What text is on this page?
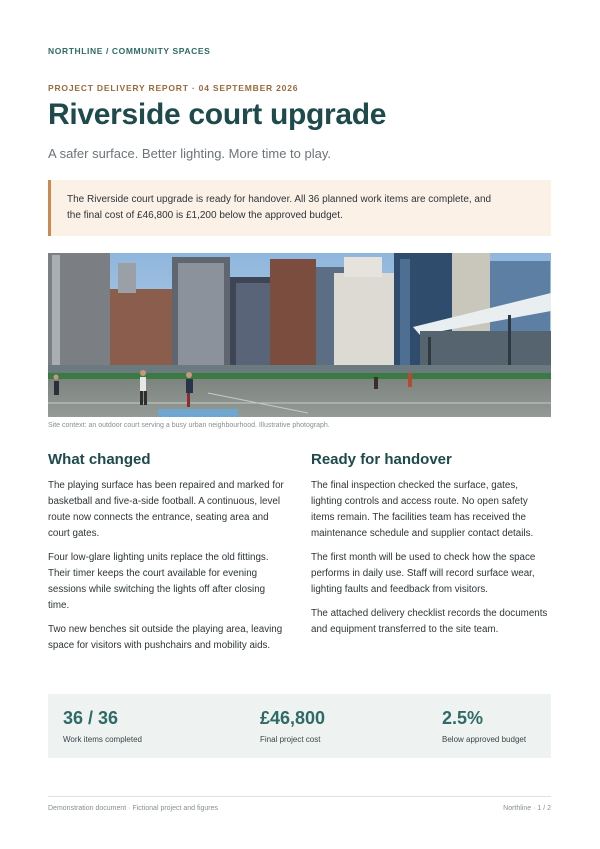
NORTHLINE / COMMUNITY SPACES
PROJECT DELIVERY REPORT · 04 SEPTEMBER 2026
Riverside court upgrade
A safer surface. Better lighting. More time to play.
The Riverside court upgrade is ready for handover. All 36 planned work items are complete, and
the final cost of £46,800 is £1,200 below the approved budget.
Site context: an outdoor court serving a busy urban neighbourhood. Illustrative photograph.
What changed

The playing surface has been repaired and marked for basketball and five-a-side football. A continuous, level route now connects the entrance, seating area and court gates.

Four low-glare lighting units replace the old fittings. Their timer keeps the court available for evening sessions while switching the lights off after closing time.

Two new benches sit outside the playing area, leaving space for visitors with pushchairs and mobility aids.

Ready for handover

The final inspection checked the surface, gates, lighting controls and access route. No open safety items remain. The facilities team has received the maintenance schedule and supplier contact details.

The first month will be used to check how the space performs in daily use. Staff will record surface wear, lighting faults and feedback from visitors.

The attached delivery checklist records the documents and equipment transferred to the site team.

36 / 36
Work items completed
£46,800
Final project cost
2.5%
Below approved budget
Demonstration document · Fictional project and figures	Northline · 1 / 2
